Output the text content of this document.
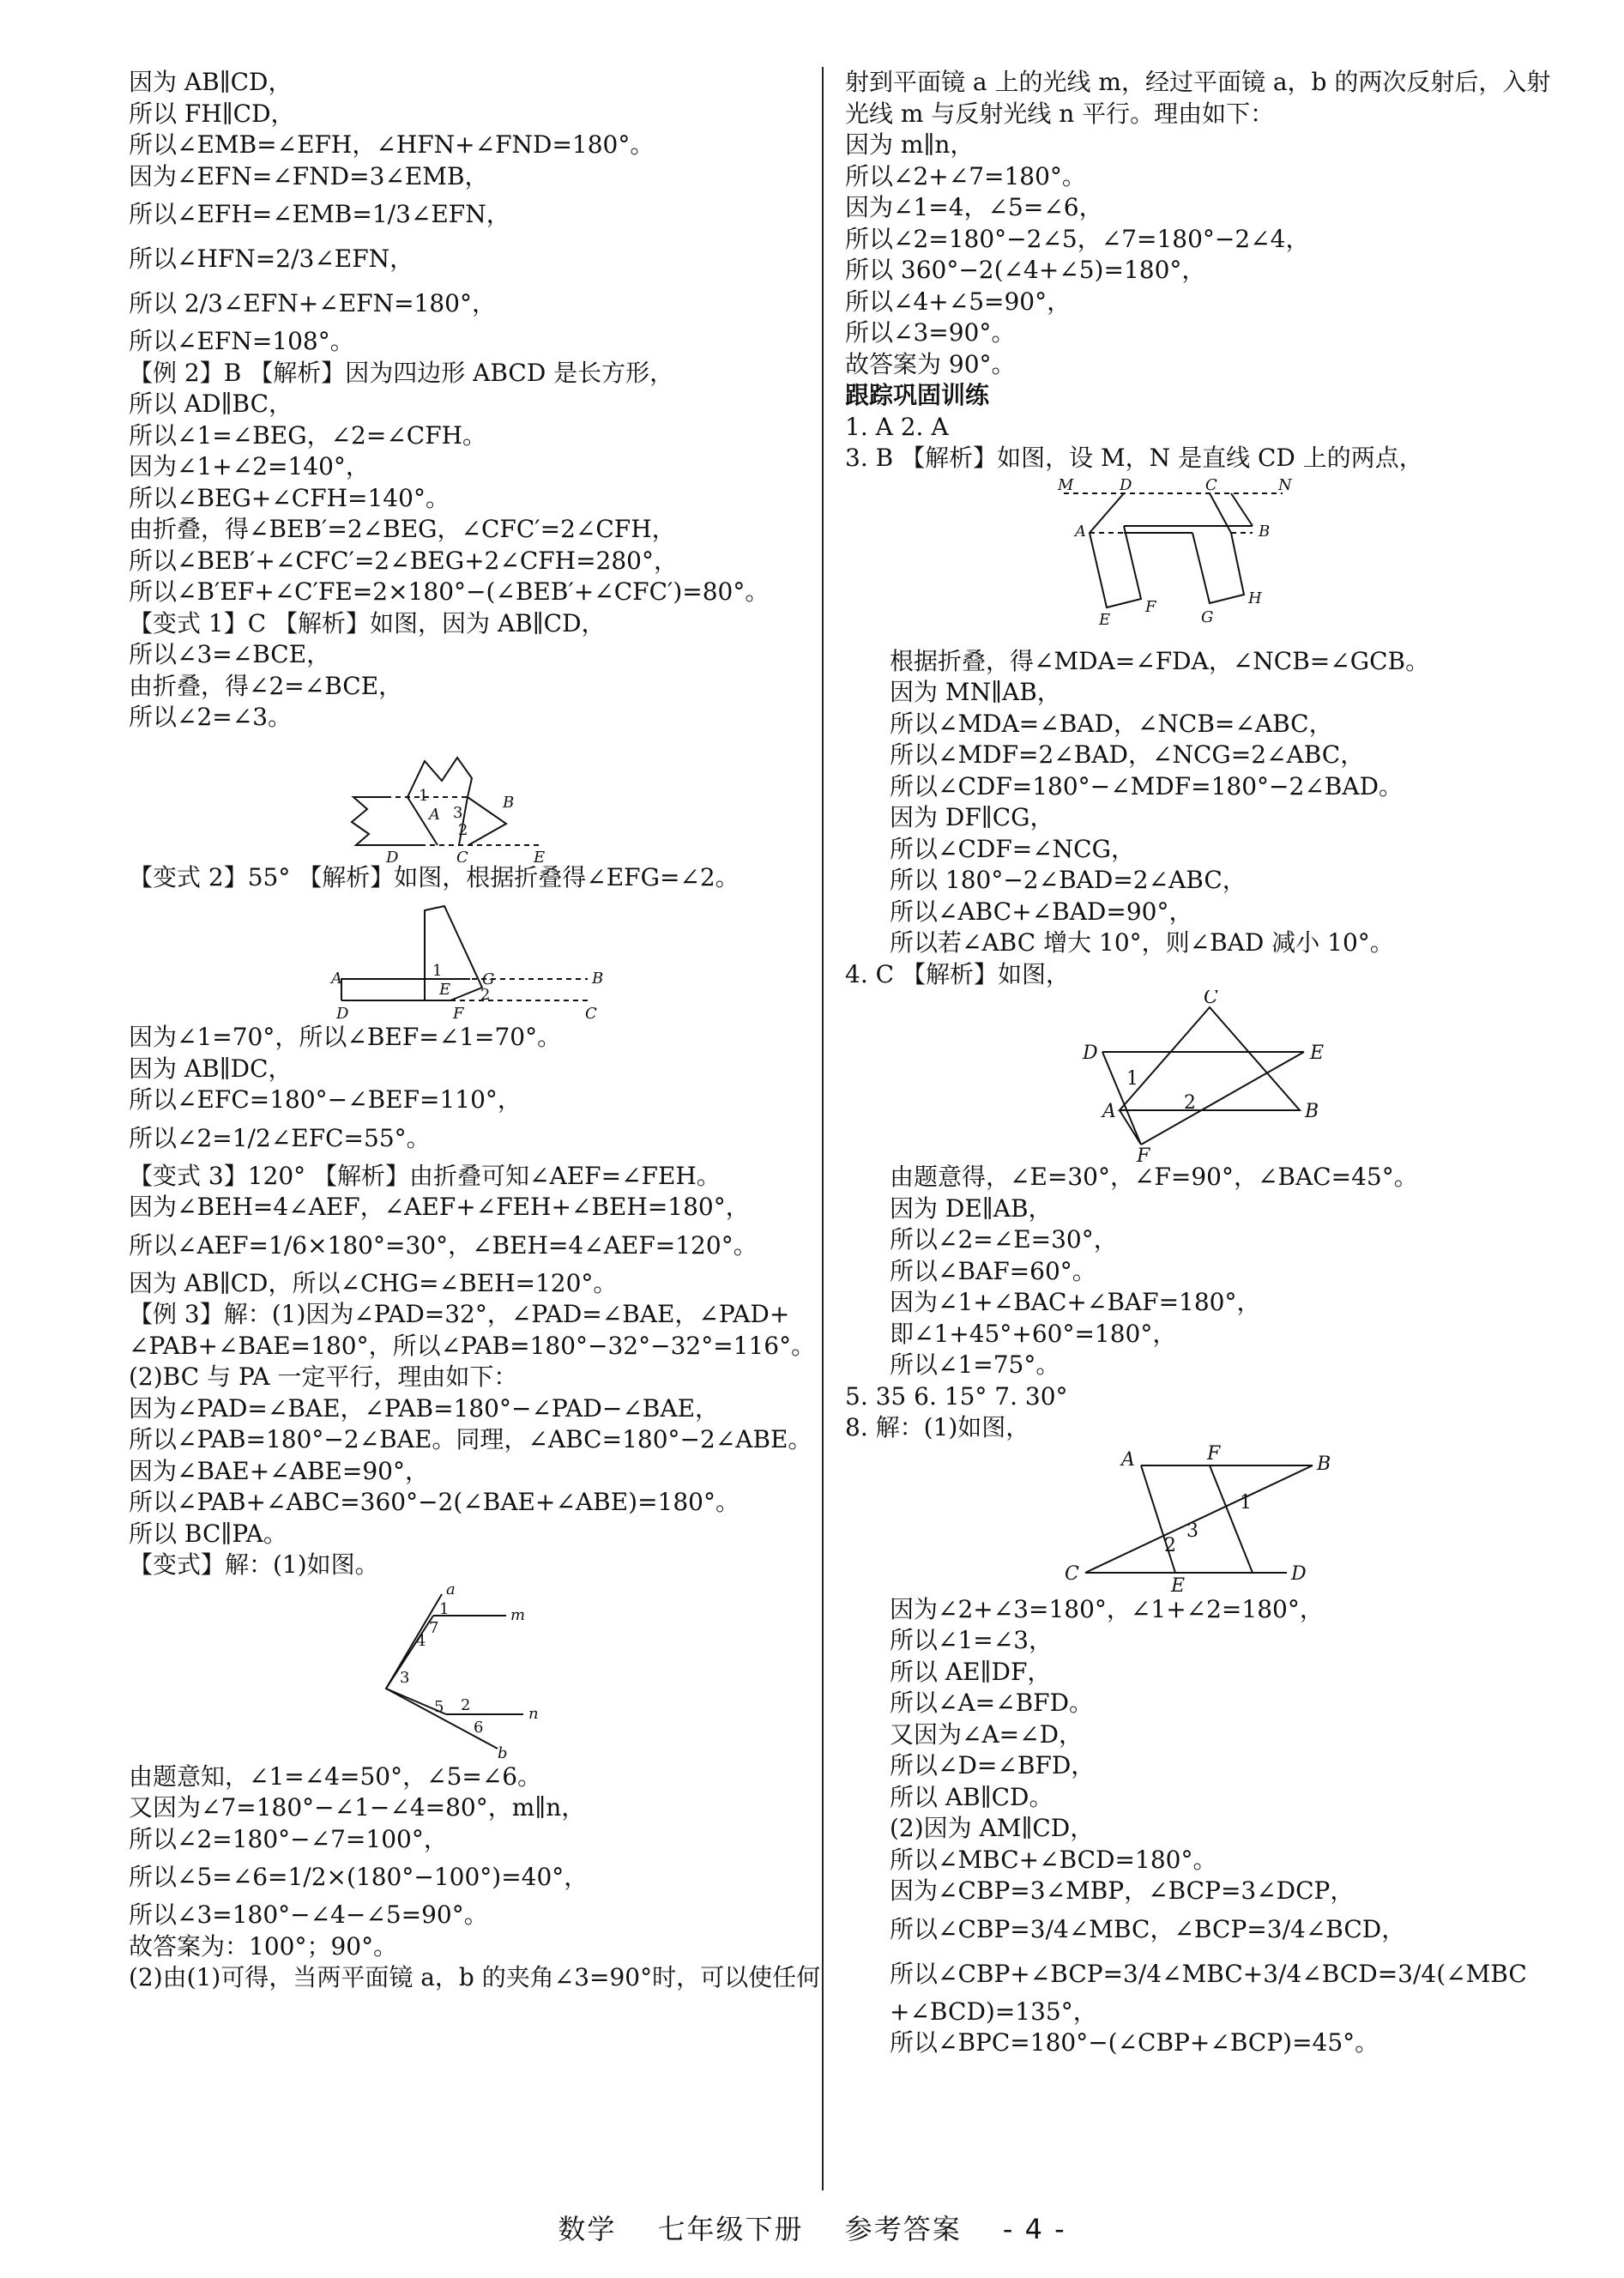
因为 AB∥CD，
所以 FH∥CD，
所以∠EMB=∠EFH，∠HFN+∠FND=180°。
因为∠EFN=∠FND=3∠EMB，
所以∠EFH=∠EMB=1/3∠EFN，
所以∠HFN=2/3∠EFN，
所以 2/3∠EFN+∠EFN=180°，
所以∠EFN=108°。
【例 2】B 【解析】因为四边形 ABCD 是长方形，
所以 AD∥BC，
所以∠1=∠BEG，∠2=∠CFH。
因为∠1+∠2=140°，
所以∠BEG+∠CFH=140°。
由折叠，得∠BEB′=2∠BEG，∠CFC′=2∠CFH，
所以∠BEB′+∠CFC′=2∠BEG+2∠CFH=280°，
所以∠B′EF+∠C′FE=2×180°−(∠BEB′+∠CFC′)=80°。
【变式 1】C 【解析】如图，因为 AB∥CD，
所以∠3=∠BCE，
由折叠，得∠2=∠BCE，
所以∠2=∠3。
1
A 3
2
B
D	C	E
【变式 2】55° 【解析】如图，根据折叠得∠EFG=∠2。
1
A
E
G
2
B
D	F	C
因为∠1=70°，所以∠BEF=∠1=70°。
因为 AB∥DC，
所以∠EFC=180°−∠BEF=110°，
所以∠2=1/2∠EFC=55°。
【变式 3】120° 【解析】由折叠可知∠AEF=∠FEH。
因为∠BEH=4∠AEF，∠AEF+∠FEH+∠BEH=180°，
所以∠AEF=1/6×180°=30°，∠BEH=4∠AEF=120°。
因为 AB∥CD，所以∠CHG=∠BEH=120°。
【例 3】解：(1)因为∠PAD=32°，∠PAD=∠BAE，∠PAD+
∠PAB+∠BAE=180°，所以∠PAB=180°−32°−32°=116°。
(2)BC 与 PA 一定平行，理由如下：
因为∠PAD=∠BAE，∠PAB=180°−∠PAD−∠BAE，
所以∠PAB=180°−2∠BAE。同理，∠ABC=180°−2∠ABE。
因为∠BAE+∠ABE=90°，
所以∠PAB+∠ABC=360°−2(∠BAE+∠ABE)=180°。
所以 BC∥PA。
【变式】解：(1)如图。
a
1	m
7
4
3
5 2	n
6
b
由题意知，∠1=∠4=50°，∠5=∠6。
又因为∠7=180°−∠1−∠4=80°，m∥n，
所以∠2=180°−∠7=100°，
所以∠5=∠6=1/2×(180°−100°)=40°，
所以∠3=180°−∠4−∠5=90°。
故答案为：100°；90°。
(2)由(1)可得，当两平面镜 a，b 的夹角∠3=90°时，可以使任何
射到平面镜 a 上的光线 m，经过平面镜 a，b 的两次反射后，入射
光线 m 与反射光线 n 平行。理由如下：
因为 m∥n，
所以∠2+∠7=180°。
因为∠1=4，∠5=∠6，
所以∠2=180°−2∠5，∠7=180°−2∠4，
所以 360°−2(∠4+∠5)=180°，
所以∠4+∠5=90°，
所以∠3=90°。
故答案为 90°。
跟踪巩固训练
1. A 2. A
3. B 【解析】如图，设 M，N 是直线 CD 上的两点，
M	D	C	N
A	B
E
F
G
H
根据折叠，得∠MDA=∠FDA，∠NCB=∠GCB。
因为 MN∥AB，
所以∠MDA=∠BAD，∠NCB=∠ABC，
所以∠MDF=2∠BAD，∠NCG=2∠ABC，
所以∠CDF=180°−∠MDF=180°−2∠BAD。
因为 DF∥CG，
所以∠CDF=∠NCG，
所以 180°−2∠BAD=2∠ABC，
所以∠ABC+∠BAD=90°，
所以若∠ABC 增大 10°，则∠BAD 减小 10°。
4. C 【解析】如图，
C
D	E
1
A	2	B
F
由题意得，∠E=30°，∠F=90°，∠BAC=45°。
因为 DE∥AB，
所以∠2=∠E=30°，
所以∠BAF=60°。
因为∠1+∠BAC+∠BAF=180°，
即∠1+45°+60°=180°，
所以∠1=75°。
5. 35 6. 15° 7. 30°
8. 解：(1)如图，
A	F	B
1
3
2
C
E
D
因为∠2+∠3=180°，∠1+∠2=180°，
所以∠1=∠3，
所以 AE∥DF，
所以∠A=∠BFD。
又因为∠A=∠D，
所以∠D=∠BFD，
所以 AB∥CD。
(2)因为 AM∥CD，
所以∠MBC+∠BCD=180°。
因为∠CBP=3∠MBP，∠BCP=3∠DCP，
所以∠CBP=3/4∠MBC，∠BCP=3/4∠BCD，
所以∠CBP+∠BCP=3/4∠MBC+3/4∠BCD=3/4(∠MBC
+∠BCD)=135°，
所以∠BPC=180°−(∠CBP+∠BCP)=45°。
数学 七年级下册 参考答案 - 4 -
